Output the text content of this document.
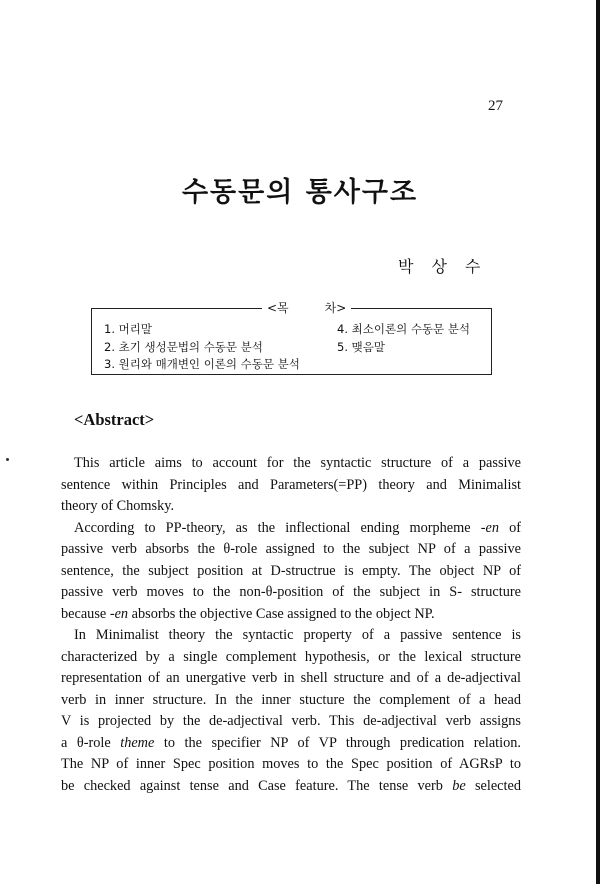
27
수동문의 통사구조
박상수
<목	차>
1. 머리말
2. 초기 생성문법의 수동문 분석
3. 원리와 매개변인 이론의 수동문 분석
4. 최소이론의 수동문 분석
5. 맺음말
<Abstract>
This article aims to account for the syntactic structure of a passive
sentence within Principles and Parameters(=PP) theory and Minimalist
theory of Chomsky.
According to PP-theory, as the inflectional ending morpheme -en of
passive verb absorbs the θ-role assigned to the subject NP of a passive
sentence, the subject position at D-structrue is empty. The object NP of
passive verb moves to the non-θ-position of the subject in S- structure
because -en absorbs the objective Case assigned to the object NP.
In Minimalist theory the syntactic property of a passive sentence is
characterized by a single complement hypothesis, or the lexical structure
representation of an unergative verb in shell structure and of a de-adjectival
verb in inner structure. In the inner stucture the complement of a head
V is projected by the de-adjectival verb. This de-adjectival verb assigns
a θ-role theme to the specifier NP of VP through predication relation.
The NP of inner Spec position moves to the Spec position of AGRsP to
be checked against tense and Case feature. The tense verb be selected
